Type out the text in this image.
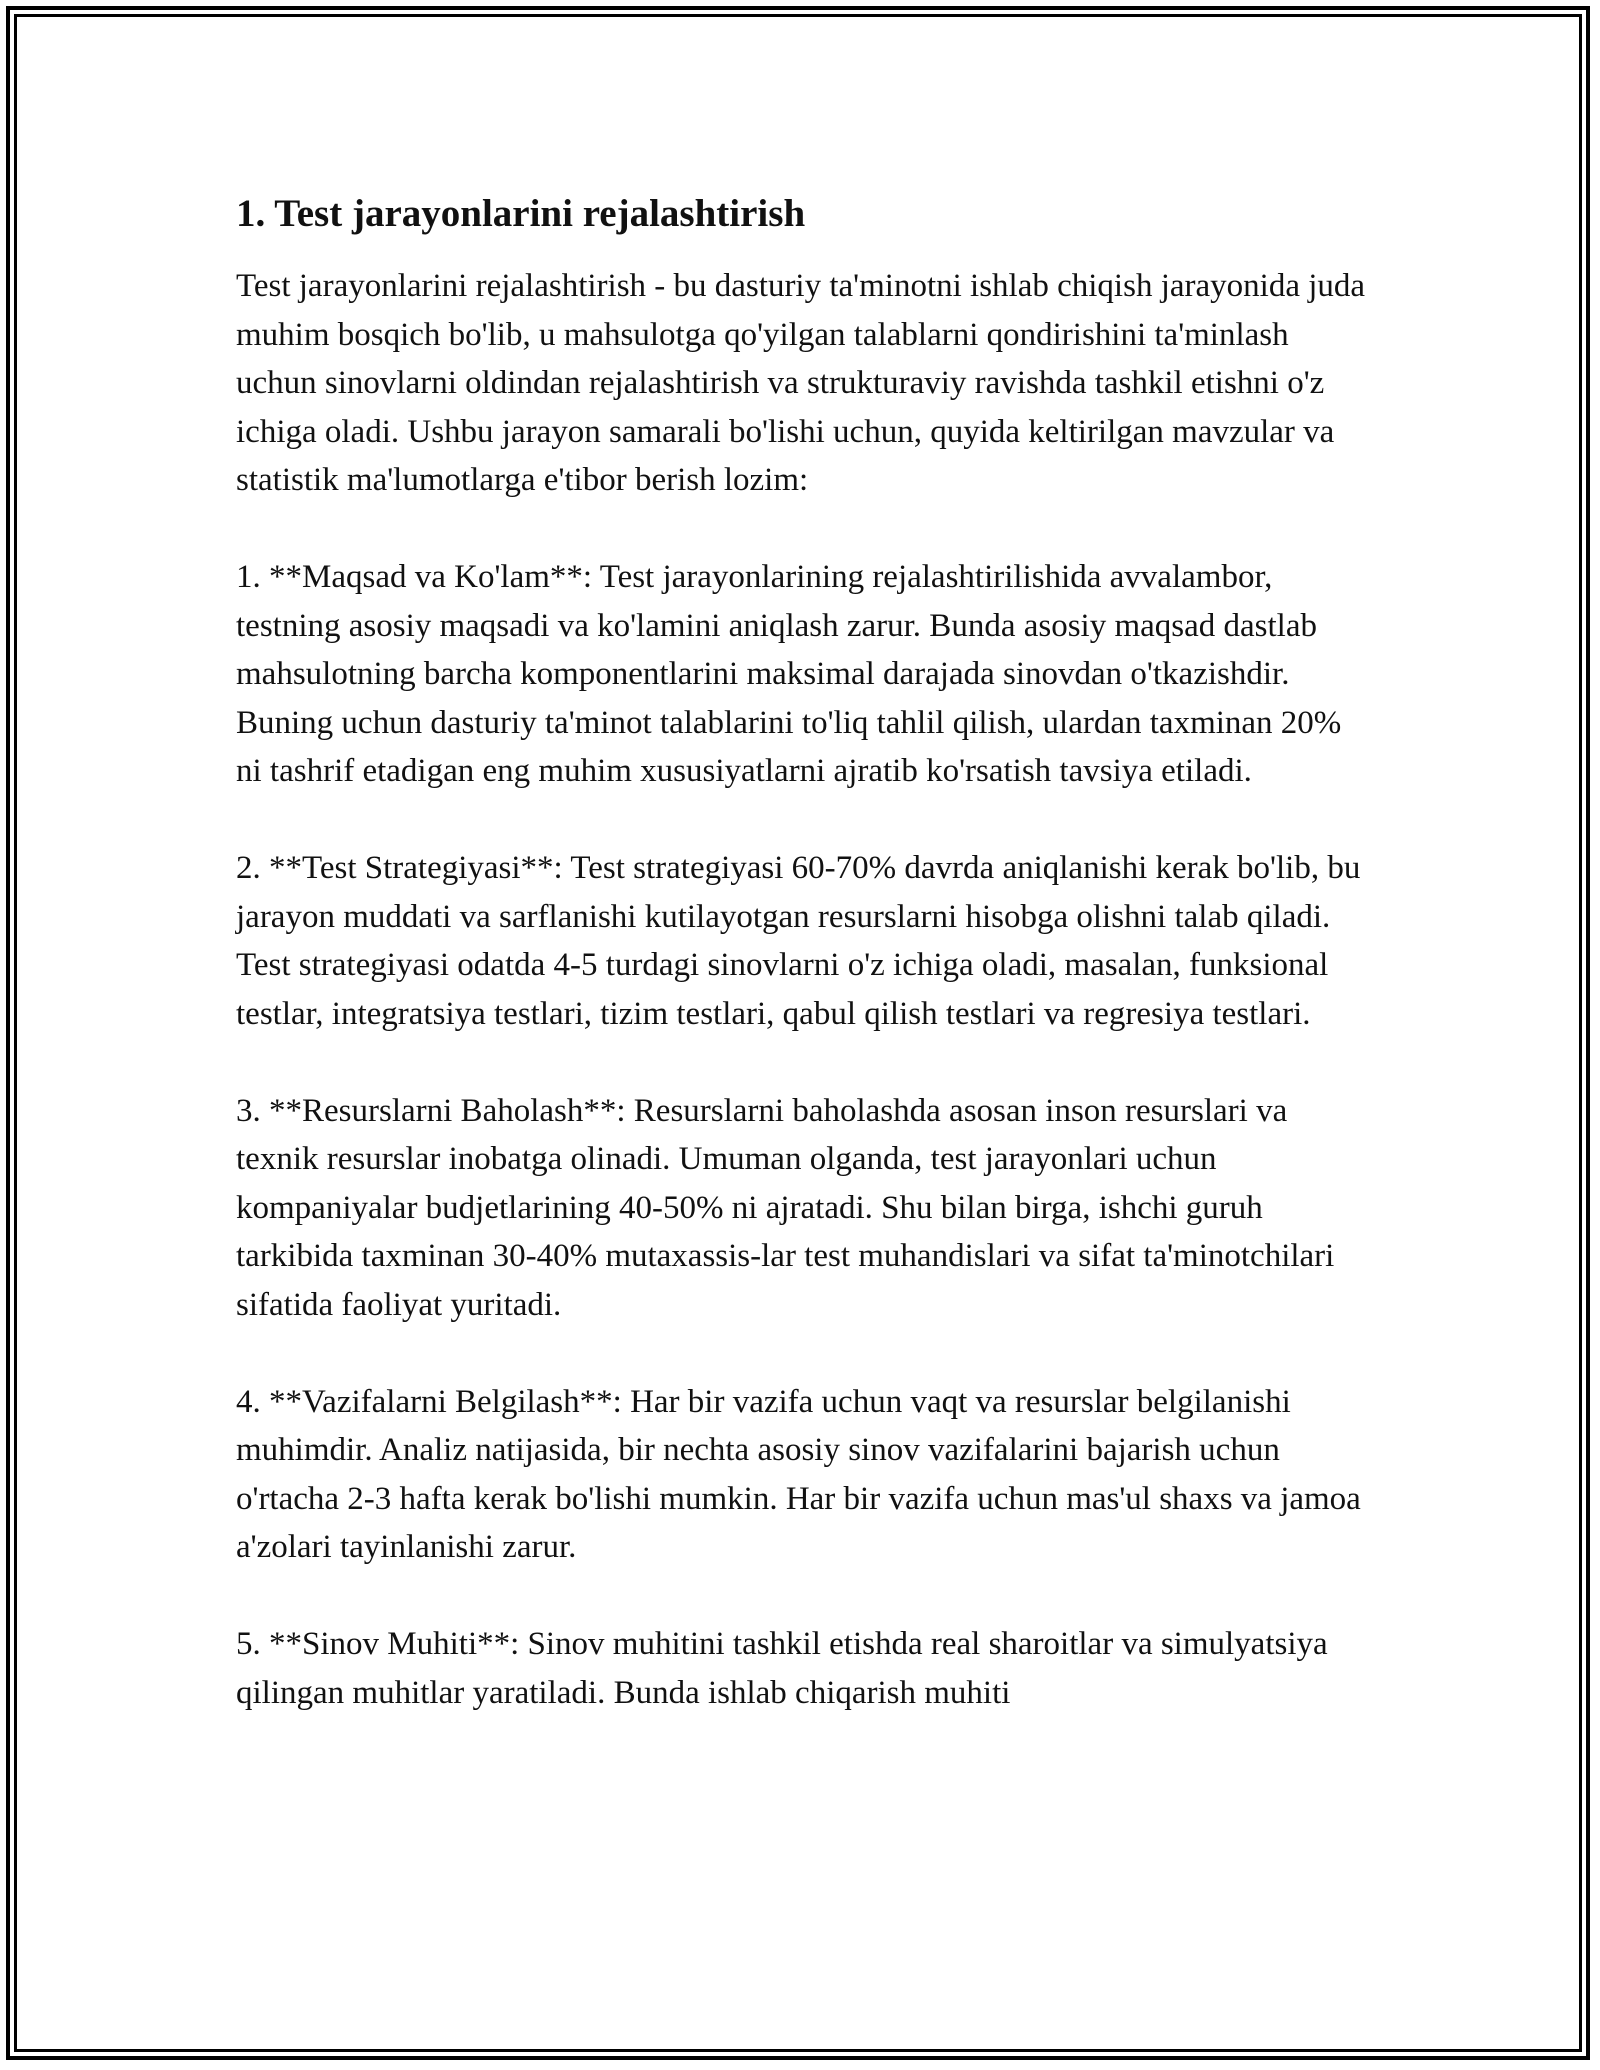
1. Test jarayonlarini rejalashtirish

Test jarayonlarini rejalashtirish - bu dasturiy ta'minotni ishlab chiqish jarayonida juda muhim bosqich bo'lib, u mahsulotga qo'yilgan talablarni qondirishini ta'minlash uchun sinovlarni oldindan rejalashtirish va strukturaviy ravishda tashkil etishni o'z ichiga oladi. Ushbu jarayon samarali bo'lishi uchun, quyida keltirilgan mavzular va statistik ma'lumotlarga e'tibor berish lozim:

1. **Maqsad va Ko'lam**: Test jarayonlarining rejalashtirilishida avvalambor, testning asosiy maqsadi va ko'lamini aniqlash zarur. Bunda asosiy maqsad dastlab mahsulotning barcha komponentlarini maksimal darajada sinovdan o'tkazishdir. Buning uchun dasturiy ta'minot talablarini to'liq tahlil qilish, ulardan taxminan 20% ni tashrif etadigan eng muhim xususiyatlarni ajratib ko'rsatish tavsiya etiladi.

2. **Test Strategiyasi**: Test strategiyasi 60-70% davrda aniqlanishi kerak bo'lib, bu jarayon muddati va sarflanishi kutilayotgan resurslarni hisobga olishni talab qiladi. Test strategiyasi odatda 4-5 turdagi sinovlarni o'z ichiga oladi, masalan, funksional testlar, integratsiya testlari, tizim testlari, qabul qilish testlari va regresiya testlari.

3. **Resurslarni Baholash**: Resurslarni baholashda asosan inson resurslari va texnik resurslar inobatga olinadi. Umuman olganda, test jarayonlari uchun kompaniyalar budjetlarining 40-50% ni ajratadi. Shu bilan birga, ishchi guruh tarkibida taxminan 30-40% mutaxassis-lar test muhandislari va sifat ta'minotchilari sifatida faoliyat yuritadi.

4. **Vazifalarni Belgilash**: Har bir vazifa uchun vaqt va resurslar belgilanishi muhimdir. Analiz natijasida, bir nechta asosiy sinov vazifalarini bajarish uchun o'rtacha 2-3 hafta kerak bo'lishi mumkin. Har bir vazifa uchun mas'ul shaxs va jamoa a'zolari tayinlanishi zarur.

5. **Sinov Muhiti**: Sinov muhitini tashkil etishda real sharoitlar va simulyatsiya qilingan muhitlar yaratiladi. Bunda ishlab chiqarish muhiti
